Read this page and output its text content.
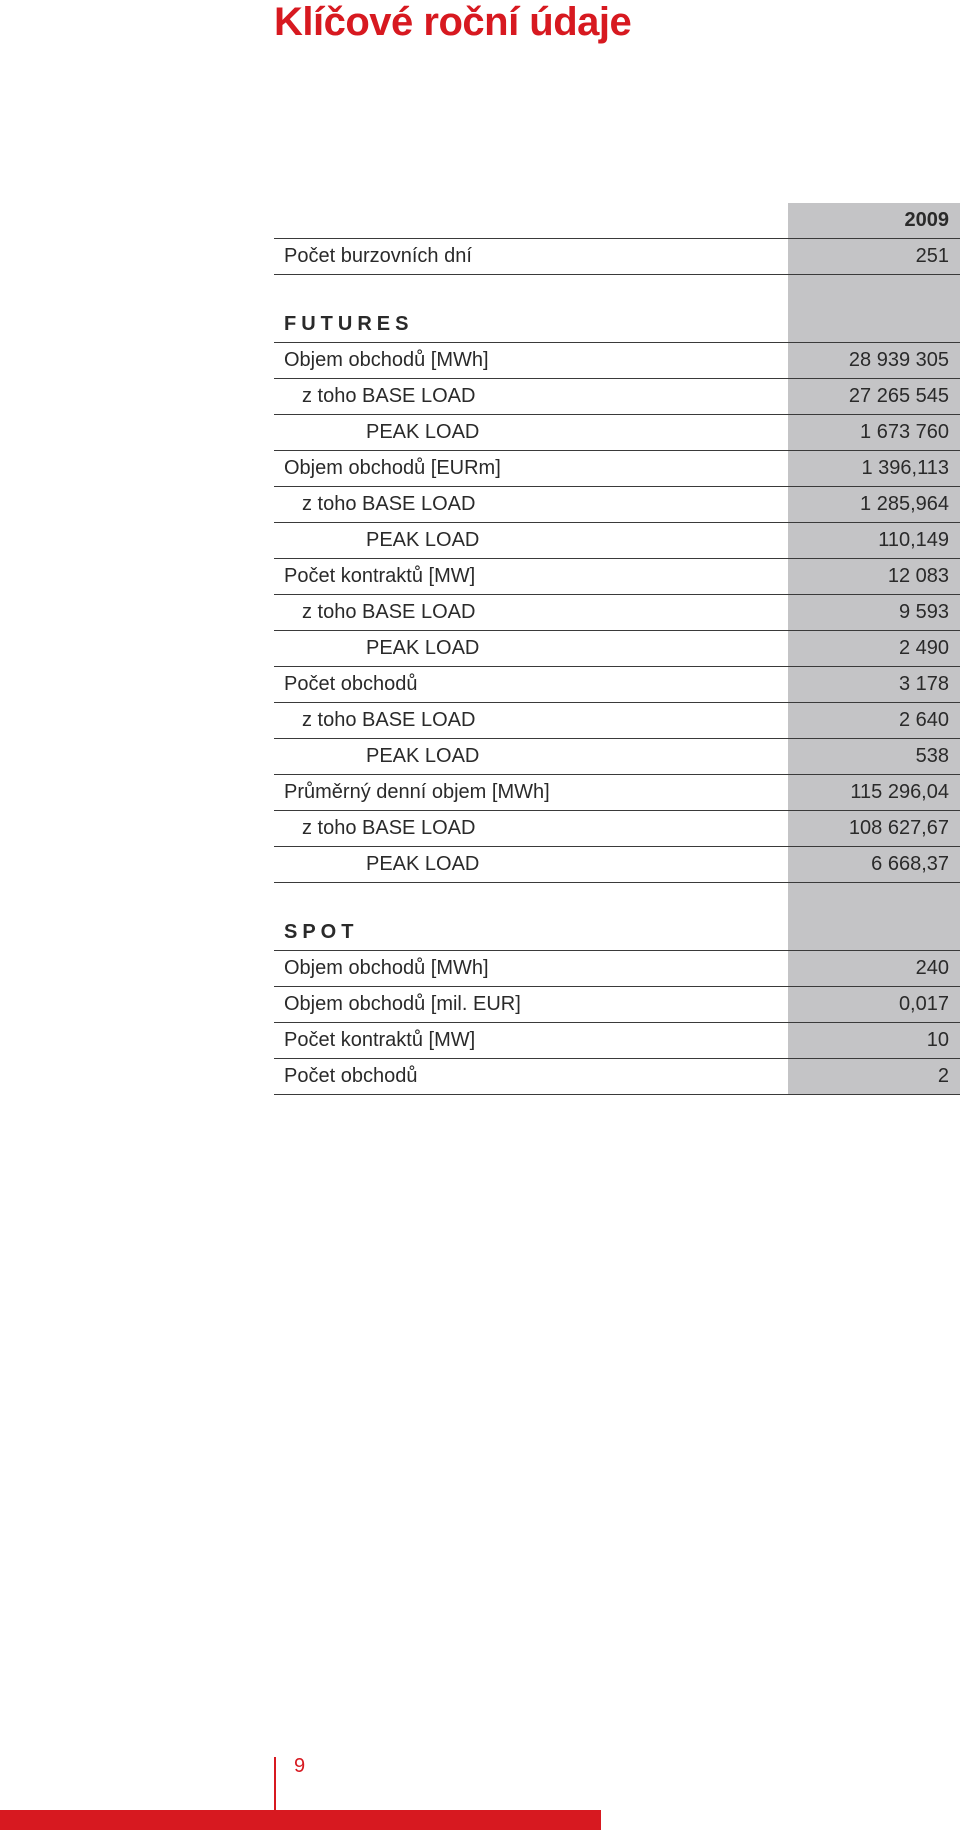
Klíčové roční údaje
2009
Počet burzovních dní	251
FUTURES
Objem obchodů [MWh]	28 939 305
z toho BASE LOAD	27 265 545
PEAK LOAD	1 673 760
Objem obchodů [EURm]	1 396,113
z toho BASE LOAD	1 285,964
PEAK LOAD	110,149
Počet kontraktů [MW]	12 083
z toho BASE LOAD	9 593
PEAK LOAD	2 490
Počet obchodů	3 178
z toho BASE LOAD	2 640
PEAK LOAD	538
Průměrný denní objem [MWh]	115 296,04
z toho BASE LOAD	108 627,67
PEAK LOAD	6 668,37
SPOT
Objem obchodů [MWh]	240
Objem obchodů [mil. EUR]	0,017
Počet kontraktů [MW]	10
Počet obchodů	2
9
